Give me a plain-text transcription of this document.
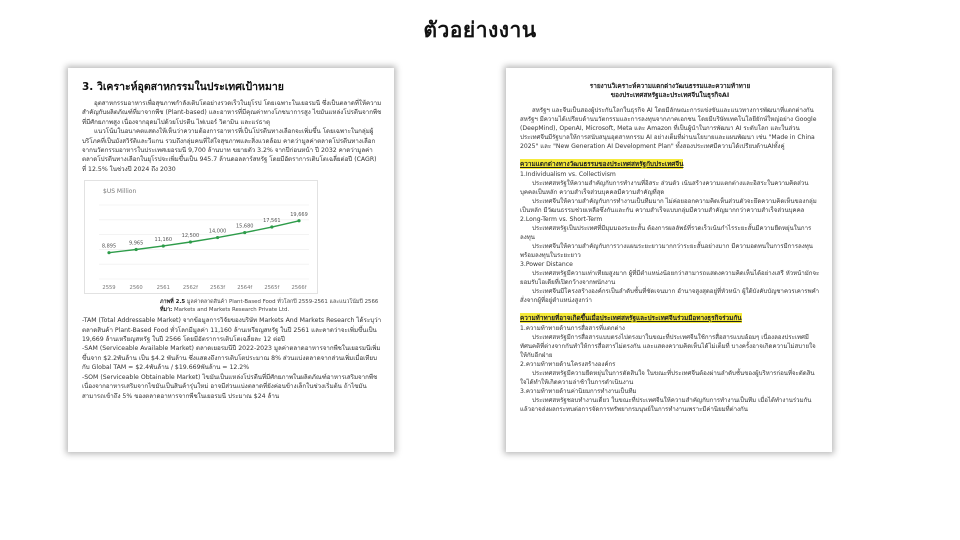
ตัวอย่างงาน
3. วิเคราะห์อุตสาหกรรมในประเทศเป้าหมาย

อุตสาหกรรมอาหารเพื่อสุขภาพกำลังเติบโตอย่างรวดเร็วในยุโรป โดยเฉพาะในเยอรมนี ซึ่งเป็นตลาดที่ให้ความสำคัญกับผลิตภัณฑ์ที่มาจากพืช (Plant-based) และอาหารที่มีคุณค่าทางโภชนาการสูง ไขมันแหล่งโปรตีนจากพืชที่มีศักยภาพสูง เนื่องจากอุดมไปด้วยโปรตีน ไฟเบอร์ วิตามิน และแร่ธาตุ

แนวโน้มในอนาคตแสดงให้เห็นว่าความต้องการอาหารที่เป็นโปรตีนทางเลือกจะเพิ่มขึ้น โดยเฉพาะในกลุ่มผู้บริโภคที่เป็นมังสวิรัติและวีแกน รวมถึงกลุ่มคนที่ใส่ใจสุขภาพและสิ่งแวดล้อม คาดว่ามูลค่าตลาดโปรตีนทางเลือกจากนวัตกรรมอาหารในประเทศเยอรมนี 9,700 ล้านบาท ขยายตัว 3.2% จากปีก่อนหน้า ปี 2032 คาดว่ามูลค่าตลาดโปรตีนทางเลือกในยุโรปจะเพิ่มขึ้นเป็น 945.7 ล้านดอลลาร์สหรัฐ โดยมีอัตราการเติบโตเฉลี่ยต่อปี (CAGR) ที่ 12.5% ในช่วงปี 2024 ถึง 2030

$US Million
8,895
2559
9,965
2560
11,160
2561
12,500
2562f
14,000
2563f
15,680
2564f
17,561
2565f
19,669
2566f
ภาพที่ 2.5 มูลค่าตลาดสินค้า Plant-Based Food ทั่วโลกปี 2559-2561 และแนวโน้มปี 2566
ที่มา: Markets and Markets Research Private Ltd.

-TAM (Total Addressable Market) จากข้อมูลการวิจัยของบริษัท Markets And Markets Research ได้ระบุว่าตลาดสินค้า Plant-Based Food ทั่วโลกมีมูลค่า 11,160 ล้านเหรียญสหรัฐ ในปี 2561 และคาดว่าจะเพิ่มขึ้นเป็น 19,669 ล้านเหรียญสหรัฐ ในปี 2566 โดยมีอัตราการเติบโตเฉลี่ยละ 12 ต่อปี

-SAM (Serviceable Available Market) ตลาดเยอรมนีปี 2022-2023 มูลค่าตลาดอาหารจากพืชในเยอรมนีเพิ่มขึ้นจาก $2.2พันล้าน เป็น $4.2 พันล้าน ซึ่งแสดงถึงการเติบโตประมาณ 8% ส่วนแบ่งตลาดจากส่วนเพิ่มเมื่อเทียบกับ Global TAM = $2.4พันล้าน / $19.669พันล้าน = 12.2%

-SOM (Serviceable Obtainable Market) ไขมันเป็นแหล่งโปรตีนที่มีศักยภาพในผลิตภัณฑ์อาหารเสริมจากพืชเนื่องจากอาหารเสริมจากไขมันเป็นสินค้ารุ่นใหม่ อาจมีส่วนแบ่งตลาดที่ยังค่อนข้างเล็กในช่วงเริ่มต้น ถ้าไขมันสามารถเข้าถึง 5% ของตลาดอาหารจากพืชในเยอรมนี ประมาณ $24 ล้าน

รายงานวิเคราะห์ความแตกต่างวัฒนธรรมและความท้าทาย
ของประเทศสหรัฐและประเทศจีนในธุรกิจAI

สหรัฐฯ และจีนเป็นสองผู้ประกันโลกในธุรกิจ AI โดยมีลักษณะการแข่งขันและแนวทางการพัฒนาที่แตกต่างกัน สหรัฐฯ มีความได้เปรียบด้านนวัตกรรมและการลงทุนจากภาคเอกชน โดยมีบริษัทเทคโนโลยียักษ์ใหญ่อย่าง Google (DeepMind), OpenAI, Microsoft, Meta และ Amazon ที่เป็นผู้นำในการพัฒนา AI ระดับโลก และในส่วนประเทศจีนมีรัฐบาลให้การสนับสนุนอุตสาหกรรม AI อย่างเต็มที่ผ่านนโยบายและแผนพัฒนา เช่น "Made in China 2025" และ "New Generation AI Development Plan" ทั้งสองประเทศมีความได้เปรียบด้านAIทั้งคู่

ความแตกต่างทางวัฒนธรรมของประเทศสหรัฐกับประเทศจีน

1.Individualism vs. Collectivism

ประเทศสหรัฐให้ความสำคัญกับการทำงานที่อิสระ ส่วนตัว เน้นสร้างความแตกต่างและอิสระในความคิดส่วนบุคคลเป็นหลัก ความสำเร็จส่วนบุคคลมีความสำคัญที่สุด

ประเทศจีนให้ความสำคัญกับการทำงานเป็นทีมมาก ไม่ค่อยออกความคิดเห็นส่วนตัวจะยึดความคิดเห็นของกลุ่มเป็นหลัก มีวัฒนธรรมช่วยเหลือซึ่งกันและกัน ความสำเร็จแบบกลุ่มมีความสำคัญมากกว่าความสำเร็จส่วนบุคคล

2.Long-Term vs. Short-Term

ประเทศสหรัฐเป็นประเทศที่มีมุมมองระยะสั้น ต้องการผลลัพธ์ที่รวดเร็วเน้นกำไรระยะสั้นมีความยืดหยุ่นในการลงทุน

ประเทศจีนให้ความสำคัญกับการวางแผนระยะยาวมากกว่าระยะสั้นอย่างมาก มีความอดทนในการมีการลงทุน พร้อมลงทุนในระยะยาว

3.Power Distance

ประเทศสหรัฐมีความเท่าเทียมสูงมาก ผู้ที่มีตำแหน่งน้อยกว่าสามารถแสดงความคิดเห็นได้อย่างเสรี หัวหน้ามักจะยอมรับไอเดียที่เปิดกว้างจากพนักงาน

ประเทศจีนมีโครงสร้างองค์กรเป็นลำดับชั้นที่ชัดเจนมาก อำนาจสูงสุดอยู่ที่หัวหน้า ผู้ใต้บังคับบัญชาควรเคารพคำสั่งจากผู้ที่อยู่ตำแหน่งสูงกว่า

ความท้าทายที่อาจเกิดขึ้นเมื่อประเทศสหรัฐและประเทศจีนร่วมมือทางธุรกิจร่วมกัน

1.ความท้าทายด้านการสื่อสารที่แตกต่าง

ประเทศสหรัฐมีการสื่อสารแบบตรงไปตรงมาในขณะที่ประเทศจีนใช้การสื่อสารแบบอ้อมๆ เนื่องลองประเทศมีทัศนคติที่ต่างจากกันทำให้การสื่อสารไม่ตรงกัน และแสดงความคิดเห็นได้ไม่เต็มที่ บางครั้งอาจเกิดความไม่สบายใจให้กับอีกฝ่าย

2.ความท้าทายด้านโครงสร้างองค์กร

ประเทศสหรัฐมีความยืดหยุ่นในการตัดสินใจ ในขณะที่ประเทศจีนต้องผ่านลำดับชั้นของผู้บริหารก่อนที่จะตัดสินใจได้ทำให้เกิดความล่าช้าในการดำเนินงาน

3.ความท้าทายด้านค่านิยมการทำงานเป็นทีม

ประเทศสหรัฐชอบทำงานเดี่ยว ในขณะที่ประเทศจีนให้ความสำคัญกับการทำงานเป็นทีม เมื่อได้ทำงานร่วมกันแล้วอาจส่งผลกระทบต่อการจัดการทรัพยากรมนุษย์ในการทำงานเพราะมีค่านิยมที่ต่างกัน
